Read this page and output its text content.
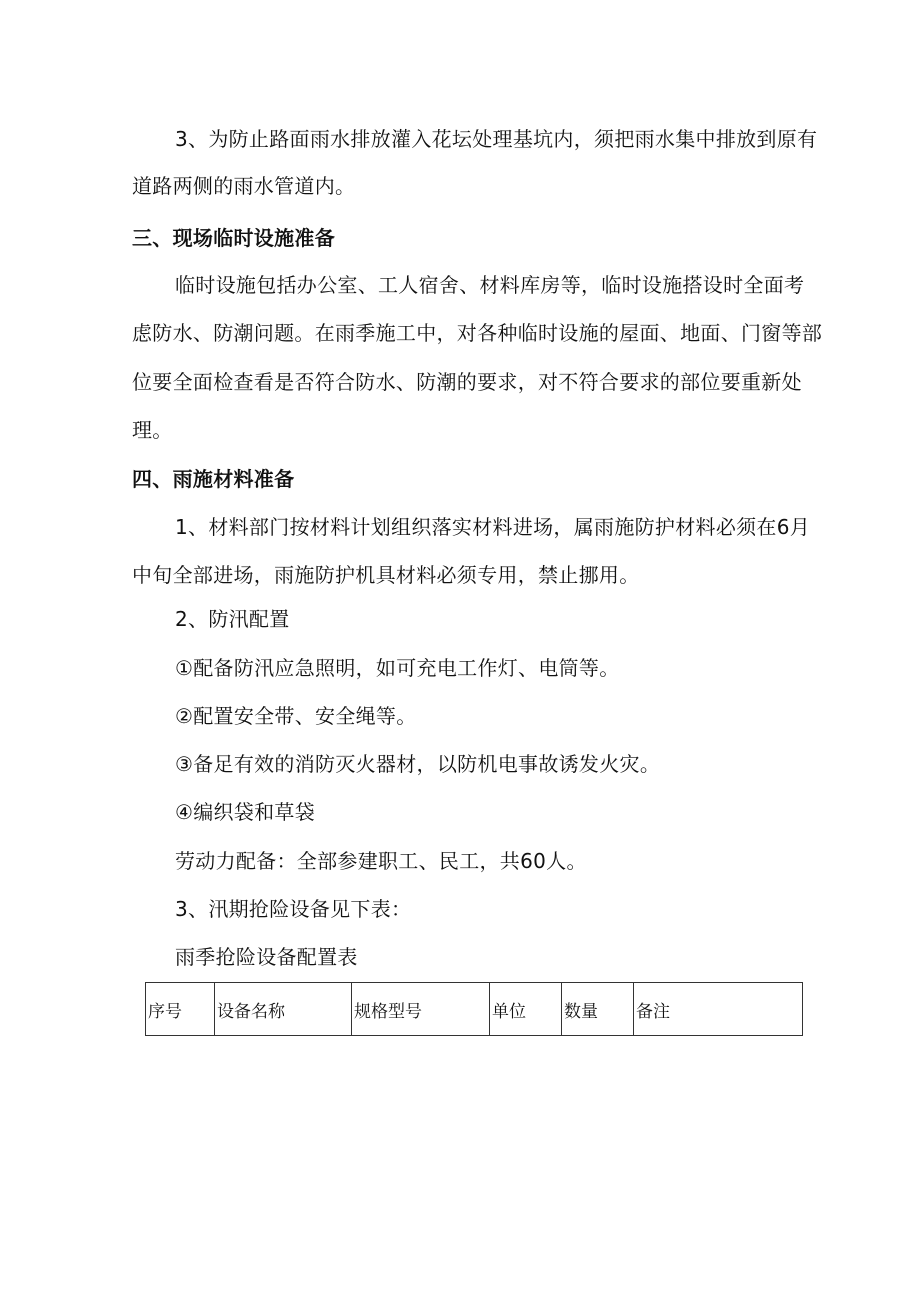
3、为防止路面雨水排放灌入花坛处理基坑内，须把雨水集中排放到原有
道路两侧的雨水管道内。
三、现场临时设施准备
临时设施包括办公室、工人宿舍、材料库房等，临时设施搭设时全面考
虑防水、防潮问题。在雨季施工中，对各种临时设施的屋面、地面、门窗等部
位要全面检查看是否符合防水、防潮的要求，对不符合要求的部位要重新处
理。
四、雨施材料准备
1、材料部门按材料计划组织落实材料进场，属雨施防护材料必须在6月
中旬全部进场，雨施防护机具材料必须专用，禁止挪用。
2、防汛配置
①配备防汛应急照明，如可充电工作灯、电筒等。
②配置安全带、安全绳等。
③备足有效的消防灭火器材，以防机电事故诱发火灾。
④编织袋和草袋
劳动力配备：全部参建职工、民工，共60人。
3、汛期抢险设备见下表：
雨季抢险设备配置表
序号	设备名称	规格型号	单位	数量	备注
